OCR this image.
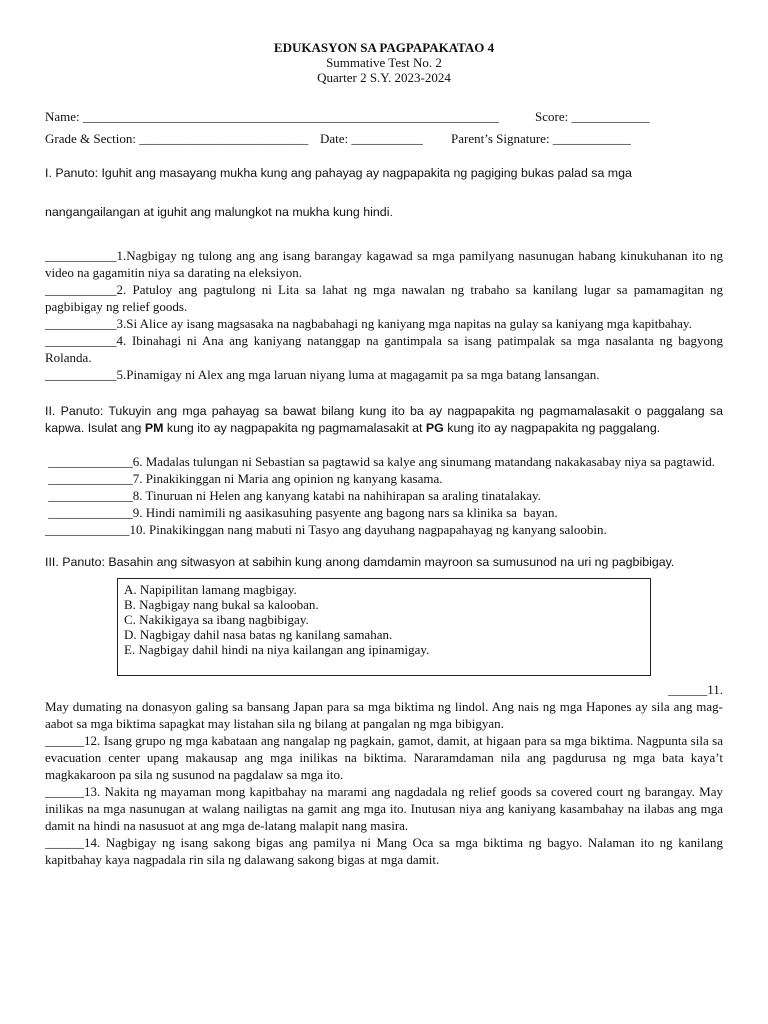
EDUKASYON SA PAGPAPAKATAO 4
Summative Test No. 2
Quarter 2 S.Y. 2023-2024
Name: ________________________________________________________________	Score: ____________
Grade & Section: __________________________ Date: ___________ Parent’s Signature: ____________

I. Panuto: Iguhit ang masayang mukha kung ang pahayag ay nagpapakita ng pagiging bukas palad sa mga

nangangailangan at iguhit ang malungkot na mukha kung hindi.

___________1.Nagbigay ng tulong ang ang isang barangay kagawad sa mga pamilyang nasunugan habang kinukuhanan ito ng video na gagamitin niya sa darating na eleksiyon.

___________2. Patuloy ang pagtulong ni Lita sa lahat ng mga nawalan ng trabaho sa kanilang lugar sa pamamagitan ng pagbibigay ng relief goods.

___________3.Si Alice ay isang magsasaka na nagbabahagi ng kaniyang mga napitas na gulay sa kaniyang mga kapitbahay.

___________4. Ibinahagi ni Ana ang kaniyang natanggap na gantimpala sa isang patimpalak sa mga nasalanta ng bagyong Rolanda.

___________5.Pinamigay ni Alex ang mga laruan niyang luma at magagamit pa sa mga batang lansangan.

II. Panuto: Tukuyin ang mga pahayag sa bawat bilang kung ito ba ay nagpapakita ng pagmamalasakit o paggalang sa kapwa. Isulat ang PM kung ito ay nagpapakita ng pagmamalasakit at PG kung ito ay nagpapakita ng paggalang.

_____________6. Madalas tulungan ni Sebastian sa pagtawid sa kalye ang sinumang matandang nakakasabay niya sa pagtawid.

_____________7. Pinakikinggan ni Maria ang opinion ng kanyang kasama.

_____________8. Tinuruan ni Helen ang kanyang katabi na nahihirapan sa araling tinatalakay.

_____________9. Hindi namimili ng aasikasuhing pasyente ang bagong nars sa klinika sa  bayan.

_____________10. Pinakikinggan nang mabuti ni Tasyo ang dayuhang nagpapahayag ng kanyang saloobin.

III. Panuto: Basahin ang sitwasyon at sabihin kung anong damdamin mayroon sa sumusunod na uri ng pagbibigay.

A. Napipilitan lamang magbigay.
B. Nagbigay nang bukal sa kalooban.
C. Nakikigaya sa ibang nagbibigay.
D. Nagbigay dahil nasa batas ng kanilang samahan.
E. Nagbigay dahil hindi na niya kailangan ang ipinamigay.

______11.

May dumating na donasyon galing sa bansang Japan para sa mga biktima ng lindol. Ang nais ng mga Hapones ay sila ang mag-aabot sa mga biktima sapagkat may listahan sila ng bilang at pangalan ng mga bibigyan.

______12. Isang grupo ng mga kabataan ang nangalap ng pagkain, gamot, damit, at higaan para sa mga biktima. Nagpunta sila sa evacuation center upang makausap ang mga inilikas na biktima. Nararamdaman nila ang pagdurusa ng mga bata kaya’t magkakaroon pa sila ng susunod na pagdalaw sa mga ito.

______13. Nakita ng mayaman mong kapitbahay na marami ang nagdadala ng relief goods sa covered court ng barangay. May inilikas na mga nasunugan at walang nailigtas na gamit ang mga ito. Inutusan niya ang kaniyang kasambahay na ilabas ang mga damit na hindi na nasusuot at ang mga de-latang malapit nang masira.

______14. Nagbigay ng isang sakong bigas ang pamilya ni Mang Oca sa mga biktima ng bagyo. Nalaman ito ng kanilang kapitbahay kaya nagpadala rin sila ng dalawang sakong bigas at mga damit.
